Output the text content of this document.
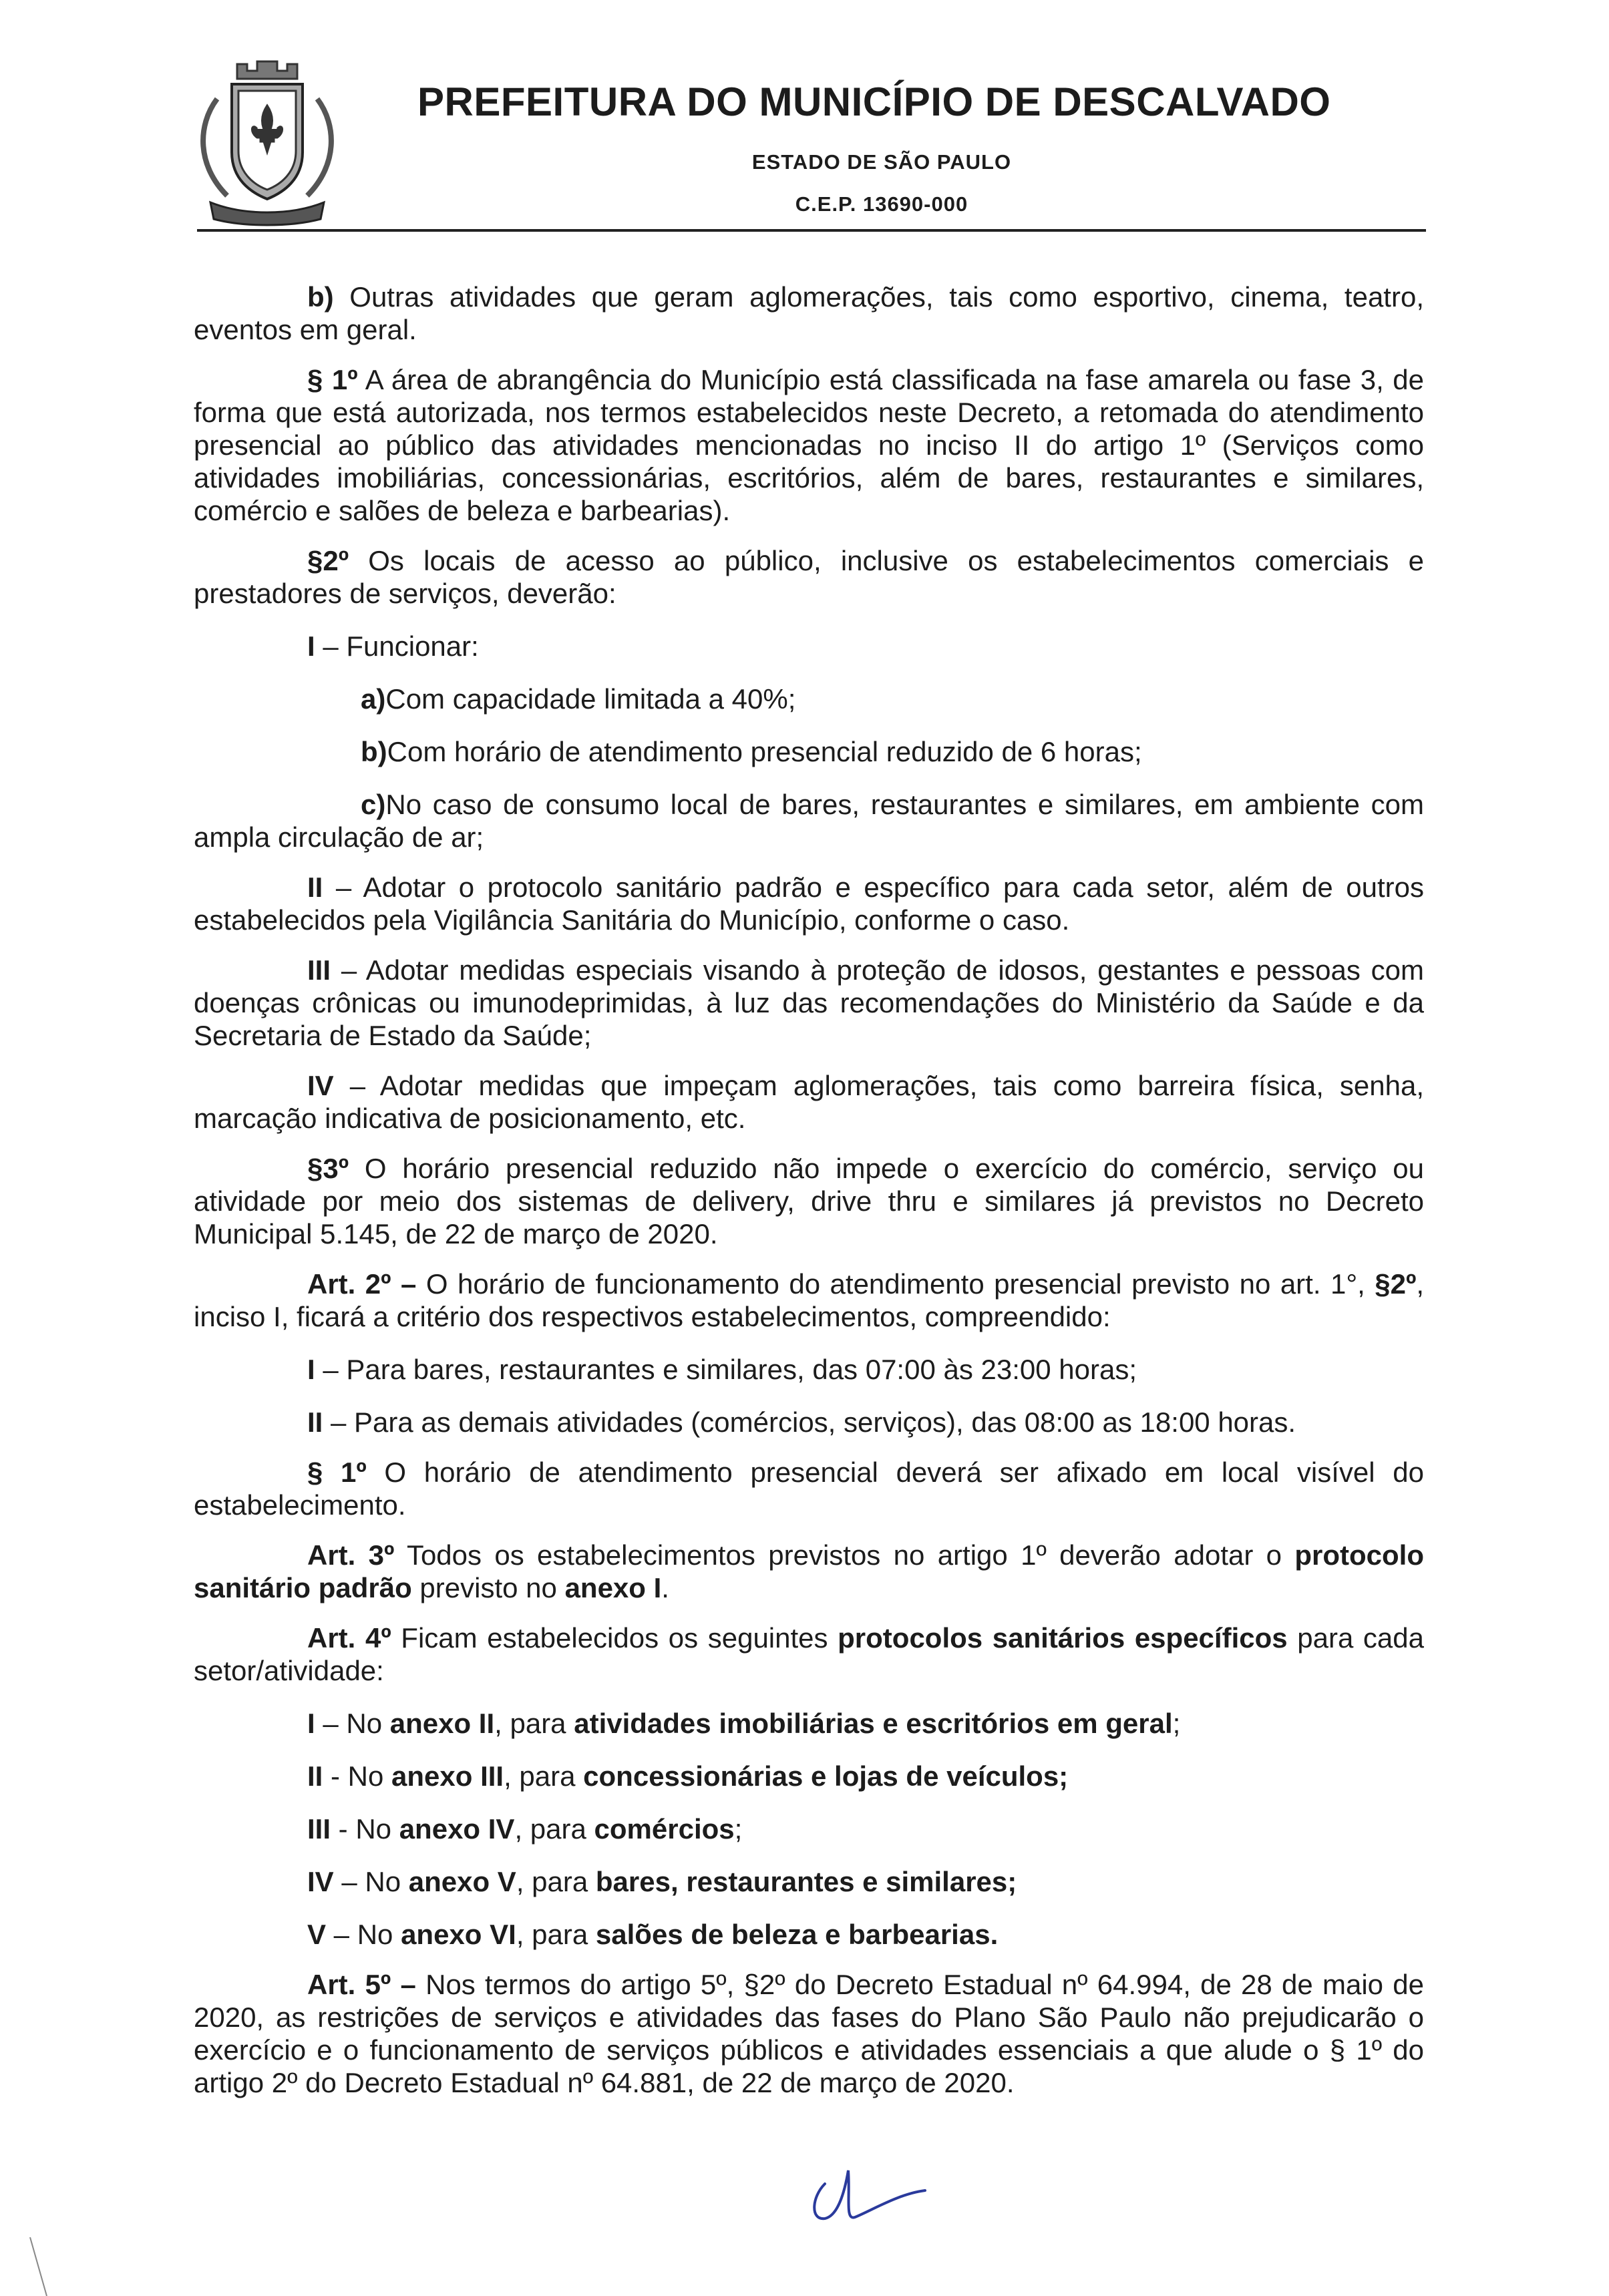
PREFEITURA DO MUNICÍPIO DE DESCALVADO
ESTADO DE SÃO PAULO
C.E.P. 13690-000

b) Outras atividades que geram aglomerações, tais como esportivo, cinema, teatro, eventos em geral.

§ 1º A área de abrangência do Município está classificada na fase amarela ou fase 3, de forma que está autorizada, nos termos estabelecidos neste Decreto, a retomada do atendimento presencial ao público das atividades mencionadas no inciso II do artigo 1º (Serviços como atividades imobiliárias, concessionárias, escritórios, além de bares, restaurantes e similares, comércio e salões de beleza e barbearias).

§2º Os locais de acesso ao público, inclusive os estabelecimentos comerciais e prestadores de serviços, deverão:

I – Funcionar:

a)Com capacidade limitada a 40%;

b)Com horário de atendimento presencial reduzido de 6 horas;

c)No caso de consumo local de bares, restaurantes e similares, em ambiente com ampla circulação de ar;

II – Adotar o protocolo sanitário padrão e específico para cada setor, além de outros estabelecidos pela Vigilância Sanitária do Município, conforme o caso.

III – Adotar medidas especiais visando à proteção de idosos, gestantes e pessoas com doenças crônicas ou imunodeprimidas, à luz das recomendações do Ministério da Saúde e da Secretaria de Estado da Saúde;

IV – Adotar medidas que impeçam aglomerações, tais como barreira física, senha, marcação indicativa de posicionamento, etc.

§3º O horário presencial reduzido não impede o exercício do comércio, serviço ou atividade por meio dos sistemas de delivery, drive thru e similares já previstos no Decreto Municipal 5.145, de 22 de março de 2020.

Art. 2º – O horário de funcionamento do atendimento presencial previsto no art. 1°, §2º, inciso I, ficará a critério dos respectivos estabelecimentos, compreendido:

I – Para bares, restaurantes e similares, das 07:00 às 23:00 horas;

II – Para as demais atividades (comércios, serviços), das 08:00 as 18:00 horas.

§ 1º O horário de atendimento presencial deverá ser afixado em local visível do estabelecimento.

Art. 3º Todos os estabelecimentos previstos no artigo 1º deverão adotar o protocolo sanitário padrão previsto no anexo I.

Art. 4º Ficam estabelecidos os seguintes protocolos sanitários específicos para cada setor/atividade:

I – No anexo II, para atividades imobiliárias e escritórios em geral;

II - No anexo III, para concessionárias e lojas de veículos;

III - No anexo IV, para comércios;

IV – No anexo V, para bares, restaurantes e similares;

V – No anexo VI, para salões de beleza e barbearias.

Art. 5º – Nos termos do artigo 5º, §2º do Decreto Estadual nº 64.994, de 28 de maio de 2020, as restrições de serviços e atividades das fases do Plano São Paulo não prejudicarão o exercício e o funcionamento de serviços públicos e atividades essenciais a que alude o § 1º do artigo 2º do Decreto Estadual nº 64.881, de 22 de março de 2020.
